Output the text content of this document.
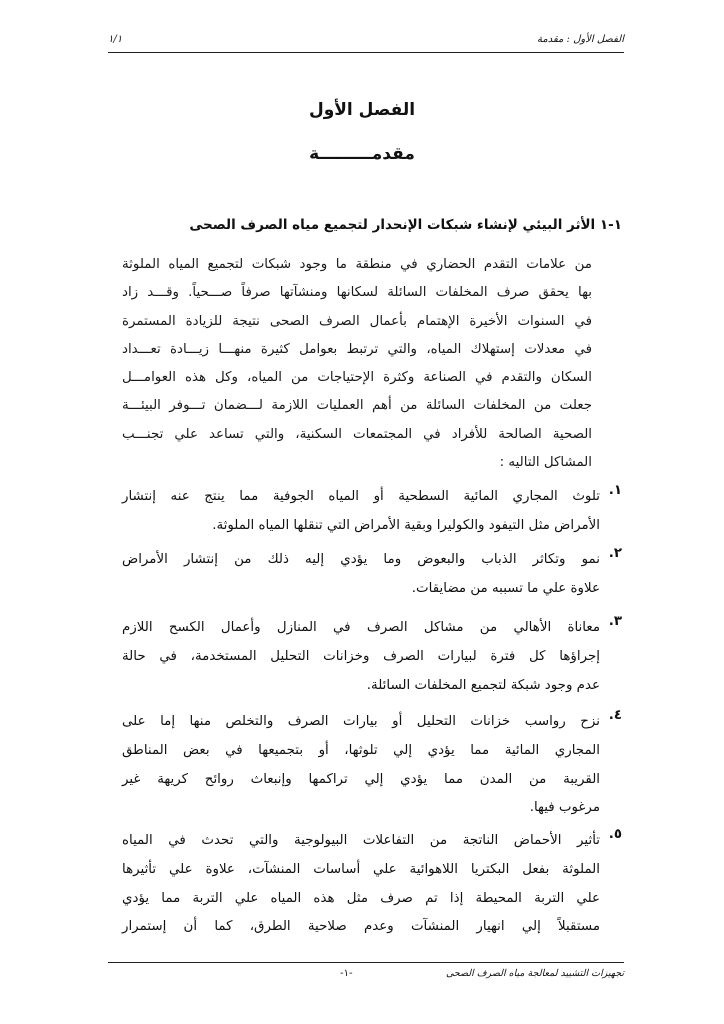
الفصل الأول : مقدمة
١/١
الفصل الأول
مقدمـــــــــة
١-١ الأثر البيئي لإنشاء شبكات الإنحدار لتجميع مياه الصرف الصحى
من علامات التقدم الحضاري في منطقة ما وجود شبكات لتجميع المياه الملوثة
بها يحقق صرف المخلفات السائلة لسكانها ومنشآتها صرفاً صـــحياً. وقـــد زاد
في السنوات الأخيرة الإهتمام بأعمال الصرف الصحى نتيجة للزيادة المستمرة
في معدلات إستهلاك المياه، والتي ترتبط بعوامل كثيرة منهـــا زيـــادة تعـــداد
السكان والتقدم في الصناعة وكثرة الإحتياجات من المياه، وكل هذه العوامـــل
جعلت من المخلفات السائلة من أهم العمليات اللازمة لـــضمان تـــوفر البيئـــة
الصحية الصالحة للأفراد في المجتمعات السكنية، والتي تساعد علي تجنـــب
المشاكل التاليه :
١.
تلوث المجاري المائية السطحية أو المياه الجوفية مما ينتج عنه إنتشار
الأمراض مثل التيفود والكوليرا وبقية الأمراض التي تنقلها المياه الملوثة.
٢.
نمو وتكاثر الذباب والبعوض وما يؤدي إليه ذلك من إنتشار الأمراض
علاوة علي ما تسببه من مضايقات.
٣.
معاناة الأهالي من مشاكل الصرف في المنازل وأعمال الكسح اللازم
إجراؤها كل فترة لبيارات الصرف وخزانات التحليل المستخدمة، في حالة
عدم وجود شبكة لتجميع المخلفات السائلة.
٤.
نزح رواسب خزانات التحليل أو بيارات الصرف والتخلص منها إما على
المجاري المائية مما يؤدي إلي تلوثها، أو بتجميعها في بعض المناطق
القريبة من المدن مما يؤدي إلي تراكمها وإنبعاث روائح كريهة غير
مرغوب فيها.
٥.
تأثير الأحماض الناتجة من التفاعلات البيولوجية والتي تحدث في المياه
الملوثة بفعل البكتريا اللاهوائية علي أساسات المنشآت، علاوة علي تأثيرها
علي التربة المحيطة إذا تم صرف مثل هذه المياه علي التربة مما يؤدي
مستقبلاً إلي انهيار المنشآت وعدم صلاحية الطرق، كما أن إستمرار
تجهيزات التشييد لمعالجة مياه الصرف الصحى
-١-
